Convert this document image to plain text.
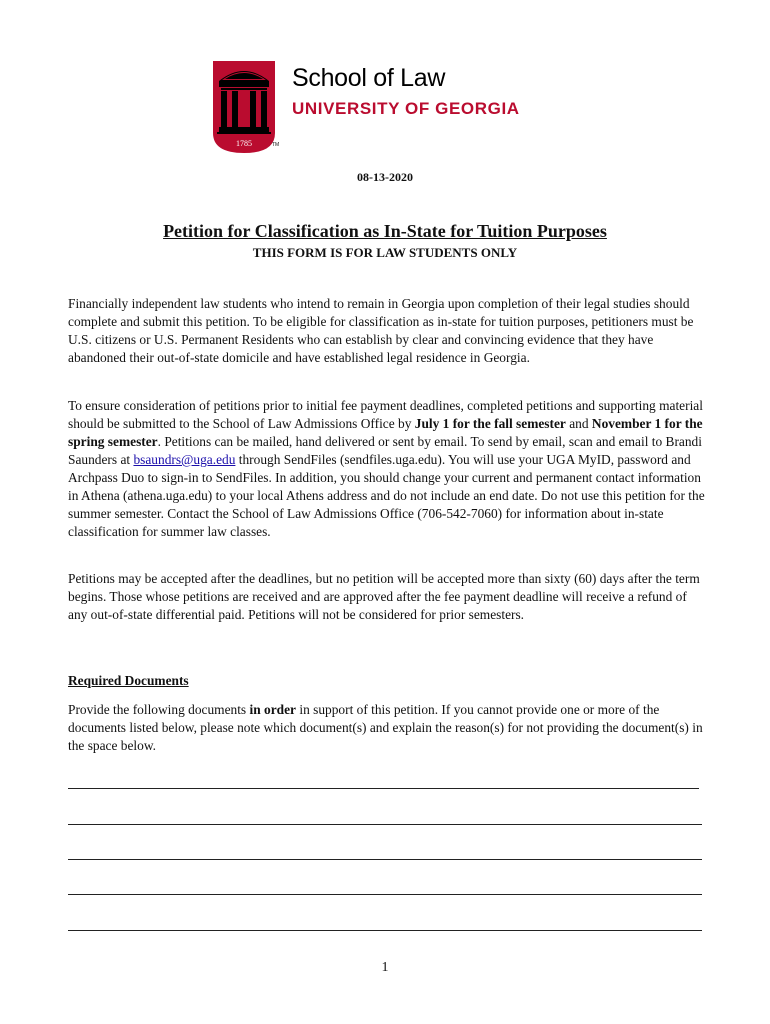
1785	TM
School of Law
UNIVERSITY OF GEORGIA
08-13-2020
Petition for Classification as In-State for Tuition Purposes
THIS FORM IS FOR LAW STUDENTS ONLY

Financially independent law students who intend to remain in Georgia upon completion of their legal studies should complete and submit this petition. To be eligible for classification as in-state for tuition purposes, petitioners must be U.S. citizens or U.S. Permanent Residents who can establish by clear and convincing evidence that they have abandoned their out-of-state domicile and have established legal residence in Georgia.

To ensure consideration of petitions prior to initial fee payment deadlines, completed petitions and supporting material should be submitted to the School of Law Admissions Office by July 1 for the fall semester and November 1 for the spring semester. Petitions can be mailed, hand delivered or sent by email. To send by email, scan and email to Brandi Saunders at bsaundrs@uga.edu through SendFiles (sendfiles.uga.edu). You will use your UGA MyID, password and Archpass Duo to sign-in to SendFiles. In addition, you should change your current and permanent contact information in Athena (athena.uga.edu) to your local Athens address and do not include an end date. Do not use this petition for the summer semester. Contact the School of Law Admissions Office (706-542-7060) for information about in-state classification for summer law classes.

Petitions may be accepted after the deadlines, but no petition will be accepted more than sixty (60) days after the term begins. Those whose petitions are received and are approved after the fee payment deadline will receive a refund of any out-of-state differential paid. Petitions will not be considered for prior semesters.

Required Documents

Provide the following documents in order in support of this petition. If you cannot provide one or more of the documents listed below, please note which document(s) and explain the reason(s) for not providing the document(s) in the space below.

1
